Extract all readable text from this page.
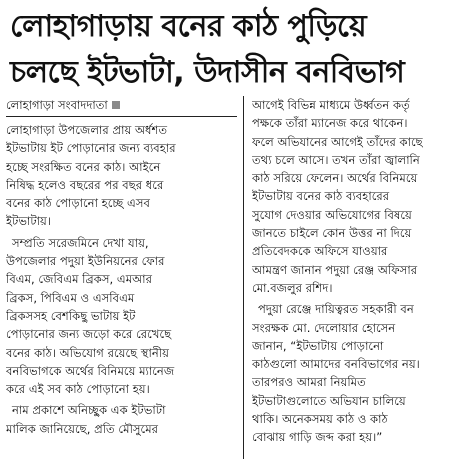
লোহাগাড়ায় বনের কাঠ পুড়িয়ে
চলছে ইটভাটা, উদাসীন বনবিভাগ
লোহাগাড়া সংবাদদাতা

লোহাগাড়া উপজেলার প্রায় অর্ধশত
ইটভাটায় ইট পোড়ানোর জন্য ব্যবহার
হচ্ছে সংরক্ষিত বনের কাঠ। আইনে
নিষিদ্ধ হলেও বছরের পর বছর ধরে
বনের কাঠ পোড়ানো হচ্ছে এসব
ইটভাটায়।

সম্প্রতি সরেজমিনে দেখা যায়,
উপজেলার পদুয়া ইউনিয়নের ফোর
বিএম, জেবিএম ব্রিকস, এমআর
ব্রিকস, পিবিএম ও এসবিএম
ব্রিকসসহ বেশকিছু ভাটায় ইট
পোড়ানোর জন্য জড়ো করে রেখেছে
বনের কাঠ। অভিযোগ রয়েছে স্থানীয়
বনবিভাগকে অর্থের বিনিময়ে ম্যানেজ
করে এই সব কাঠ পোড়ানো হয়।

নাম প্রকাশে অনিচ্ছুক এক ইটভাটা
মালিক জানিয়েছে, প্রতি মৌসুমের

আগেই বিভিন্ন মাধ্যমে উর্ধ্বতন কর্তৃ
পক্ষকে তাঁরা ম্যানেজ করে থাকেন।
ফলে অভিযানের আগেই তাঁদের কাছে
তথ্য চলে আসে। তখন তাঁরা জ্বালানি
কাঠ সরিয়ে ফেলেন। অর্থের বিনিময়ে
ইটভাটায় বনের কাঠ ব্যবহারের
সুযোগ দেওয়ার অভিযোগের বিষয়ে
জানতে চাইলে কোন উত্তর না দিয়ে
প্রতিবেদককে অফিসে যাওয়ার
আমন্ত্রণ জানান পদুয়া রেঞ্জ অফিসার
মো.বজলুর রশিদ।

পদুয়া রেঞ্জে দায়িত্বরত সহকারী বন
সংরক্ষক মো. দেলোয়ার হোসেন
জানান, “ইটভাটায় পোড়ানো
কাঠগুলো আমাদের বনবিভাগের নয়।
তারপরও আমরা নিয়মিত
ইটভাটাগুলোতে অভিযান চালিয়ে
থাকি। অনেকসময় কাঠ ও কাঠ
বোঝায় গাড়ি জব্দ করা হয়।”
